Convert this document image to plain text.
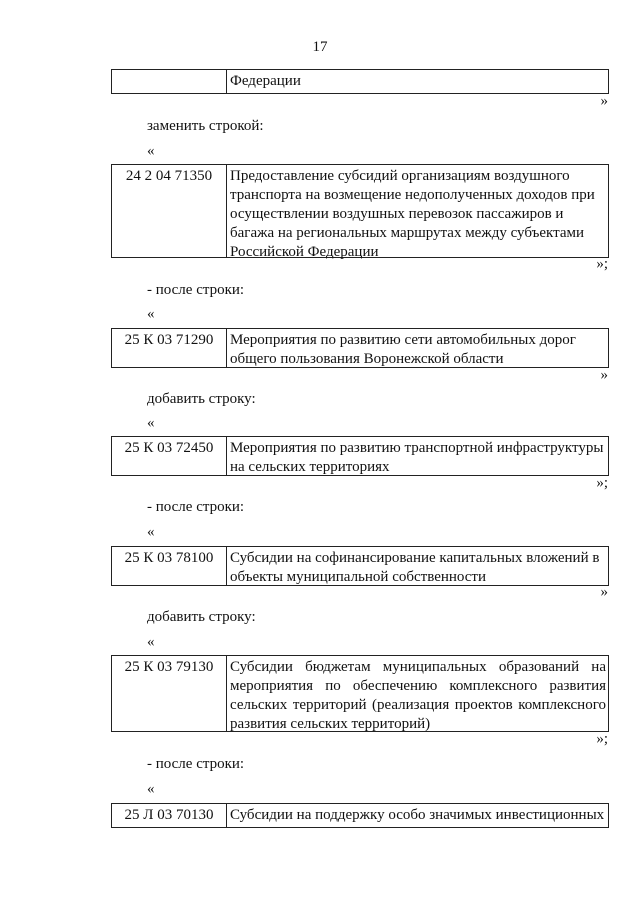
17
Федерации
»
заменить строкой:
«
24 2 04 71350	Предоставление субсидий организациям воздушного транспорта на возмещение недополученных доходов при осуществлении воздушных перевозок пассажиров и багажа на региональных маршрутах между субъектами Российской Федерации
»;
- после строки:
«
25 К 03 71290	Мероприятия по развитию сети автомобильных дорог общего пользования Воронежской области
»
добавить строку:
«
25 К 03 72450	Мероприятия по развитию транспортной инфраструктуры на сельских территориях
»;
- после строки:
«
25 К 03 78100	Субсидии на софинансирование капитальных вложений в объекты муниципальной собственности
»
добавить строку:
«
25 К 03 79130	Субсидии бюджетам муниципальных образований на мероприятия по обеспечению комплексного развития сельских территорий (реализация проектов комплексного развития сельских территорий)
»;
- после строки:
«
25 Л 03 70130	Субсидии на поддержку особо значимых инвестиционных
